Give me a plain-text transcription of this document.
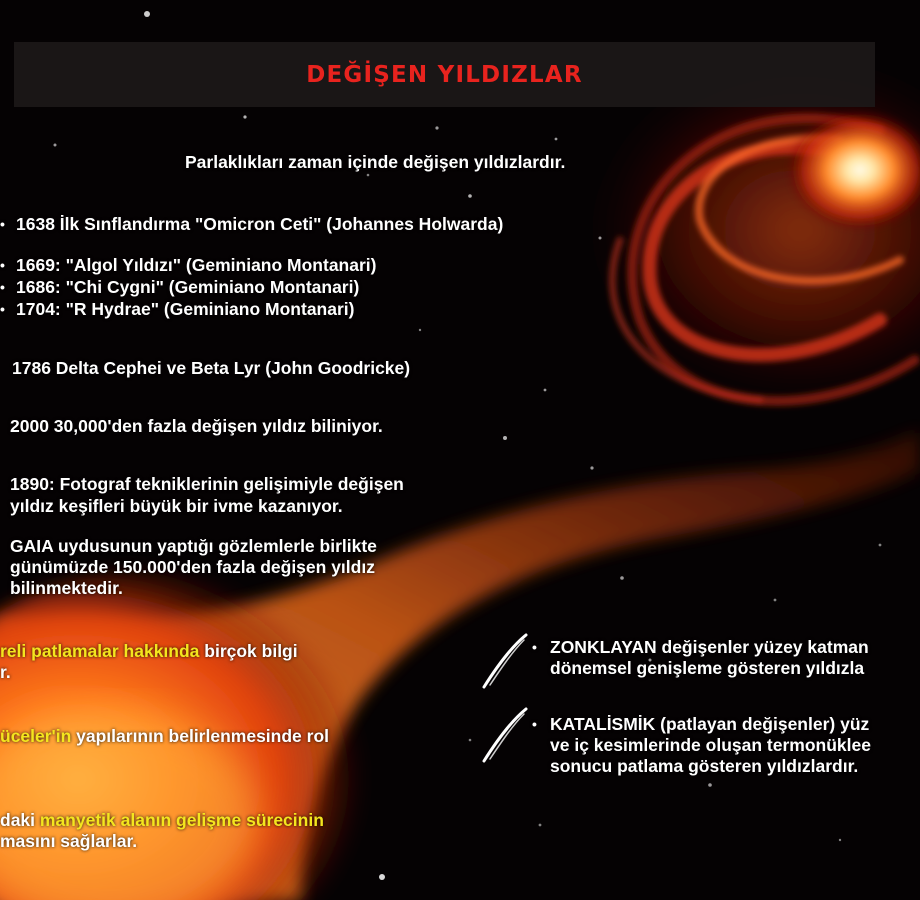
DEĞİŞEN YILDIZLAR
Parlaklıkları zaman içinde değişen yıldızlardır.
• 1638 İlk Sınflandırma "Omicron Ceti" (Johannes Holwarda)
• 1669: "Algol Yıldızı" (Geminiano Montanari)
• 1686: "Chi Cygni" (Geminiano Montanari)
• 1704: "R Hydrae" (Geminiano Montanari)
1786 Delta Cephei ve Beta Lyr (John Goodricke)
2000 30,000'den fazla değişen yıldız biliniyor.
1890: Fotograf tekniklerinin gelişimiyle değişen
yıldız keşifleri büyük bir ivme kazanıyor.
GAIA uydusunun yaptığı gözlemlerle birlikte
günümüzde 150.000'den fazla değişen yıldız
bilinmektedir.
reli patlamalar hakkında birçok bilgi
r.
üceler'in yapılarının belirlenmesinde rol
daki manyetik alanın gelişme sürecinin
masını sağlarlar.
• ZONKLAYAN değişenler yüzey katman
dönemsel genişleme gösteren yıldızla
• KATALİSMİK (patlayan değişenler) yüz
ve iç kesimlerinde oluşan termonüklee
sonucu patlama gösteren yıldızlardır.
